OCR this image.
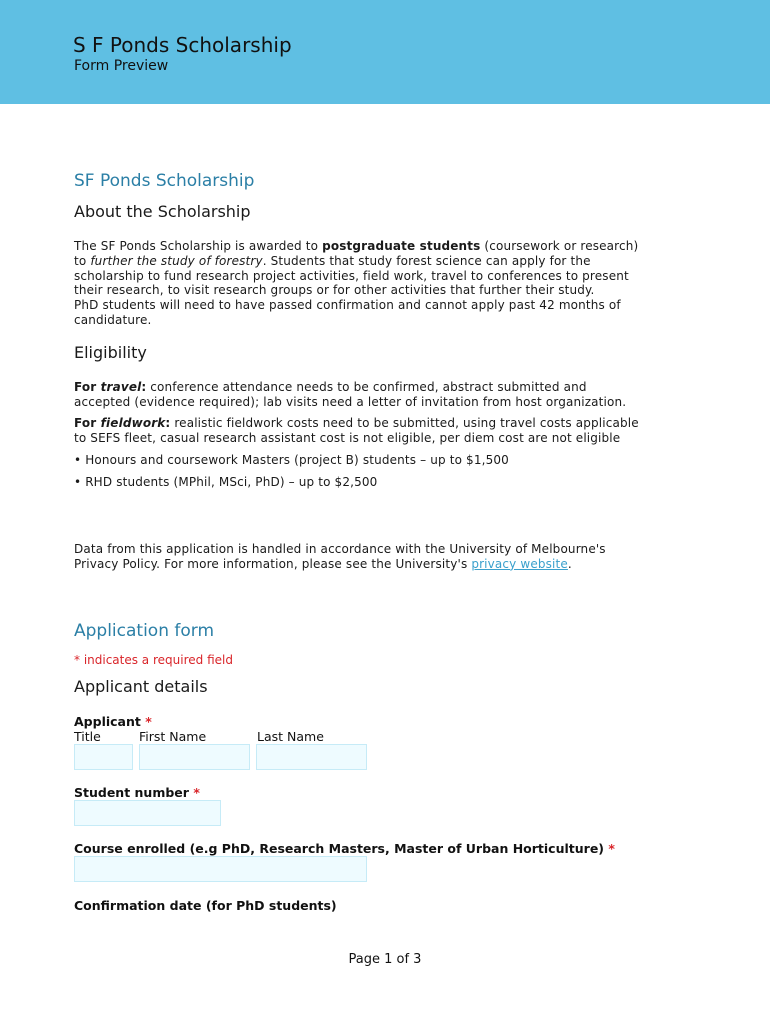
S F Ponds Scholarship
Form Preview
SF Ponds Scholarship
About the Scholarship
The SF Ponds Scholarship is awarded to postgraduate students (coursework or research)
to further the study of forestry. Students that study forest science can apply for the
scholarship to fund research project activities, field work, travel to conferences to present
their research, to visit research groups or for other activities that further their study.
PhD students will need to have passed confirmation and cannot apply past 42 months of
candidature.
Eligibility
For travel: conference attendance needs to be confirmed, abstract submitted and
accepted (evidence required); lab visits need a letter of invitation from host organization.
For fieldwork: realistic fieldwork costs need to be submitted, using travel costs applicable
to SEFS fleet, casual research assistant cost is not eligible, per diem cost are not eligible
• Honours and coursework Masters (project B) students – up to $1,500
• RHD students (MPhil, MSci, PhD) – up to $2,500
Data from this application is handled in accordance with the University of Melbourne's
Privacy Policy. For more information, please see the University's privacy website.
Application form
* indicates a required field
Applicant details
Applicant *
Title	First Name	Last Name
Student number *
Course enrolled (e.g PhD, Research Masters, Master of Urban Horticulture) *
Confirmation date (for PhD students)
Page 1 of 3
